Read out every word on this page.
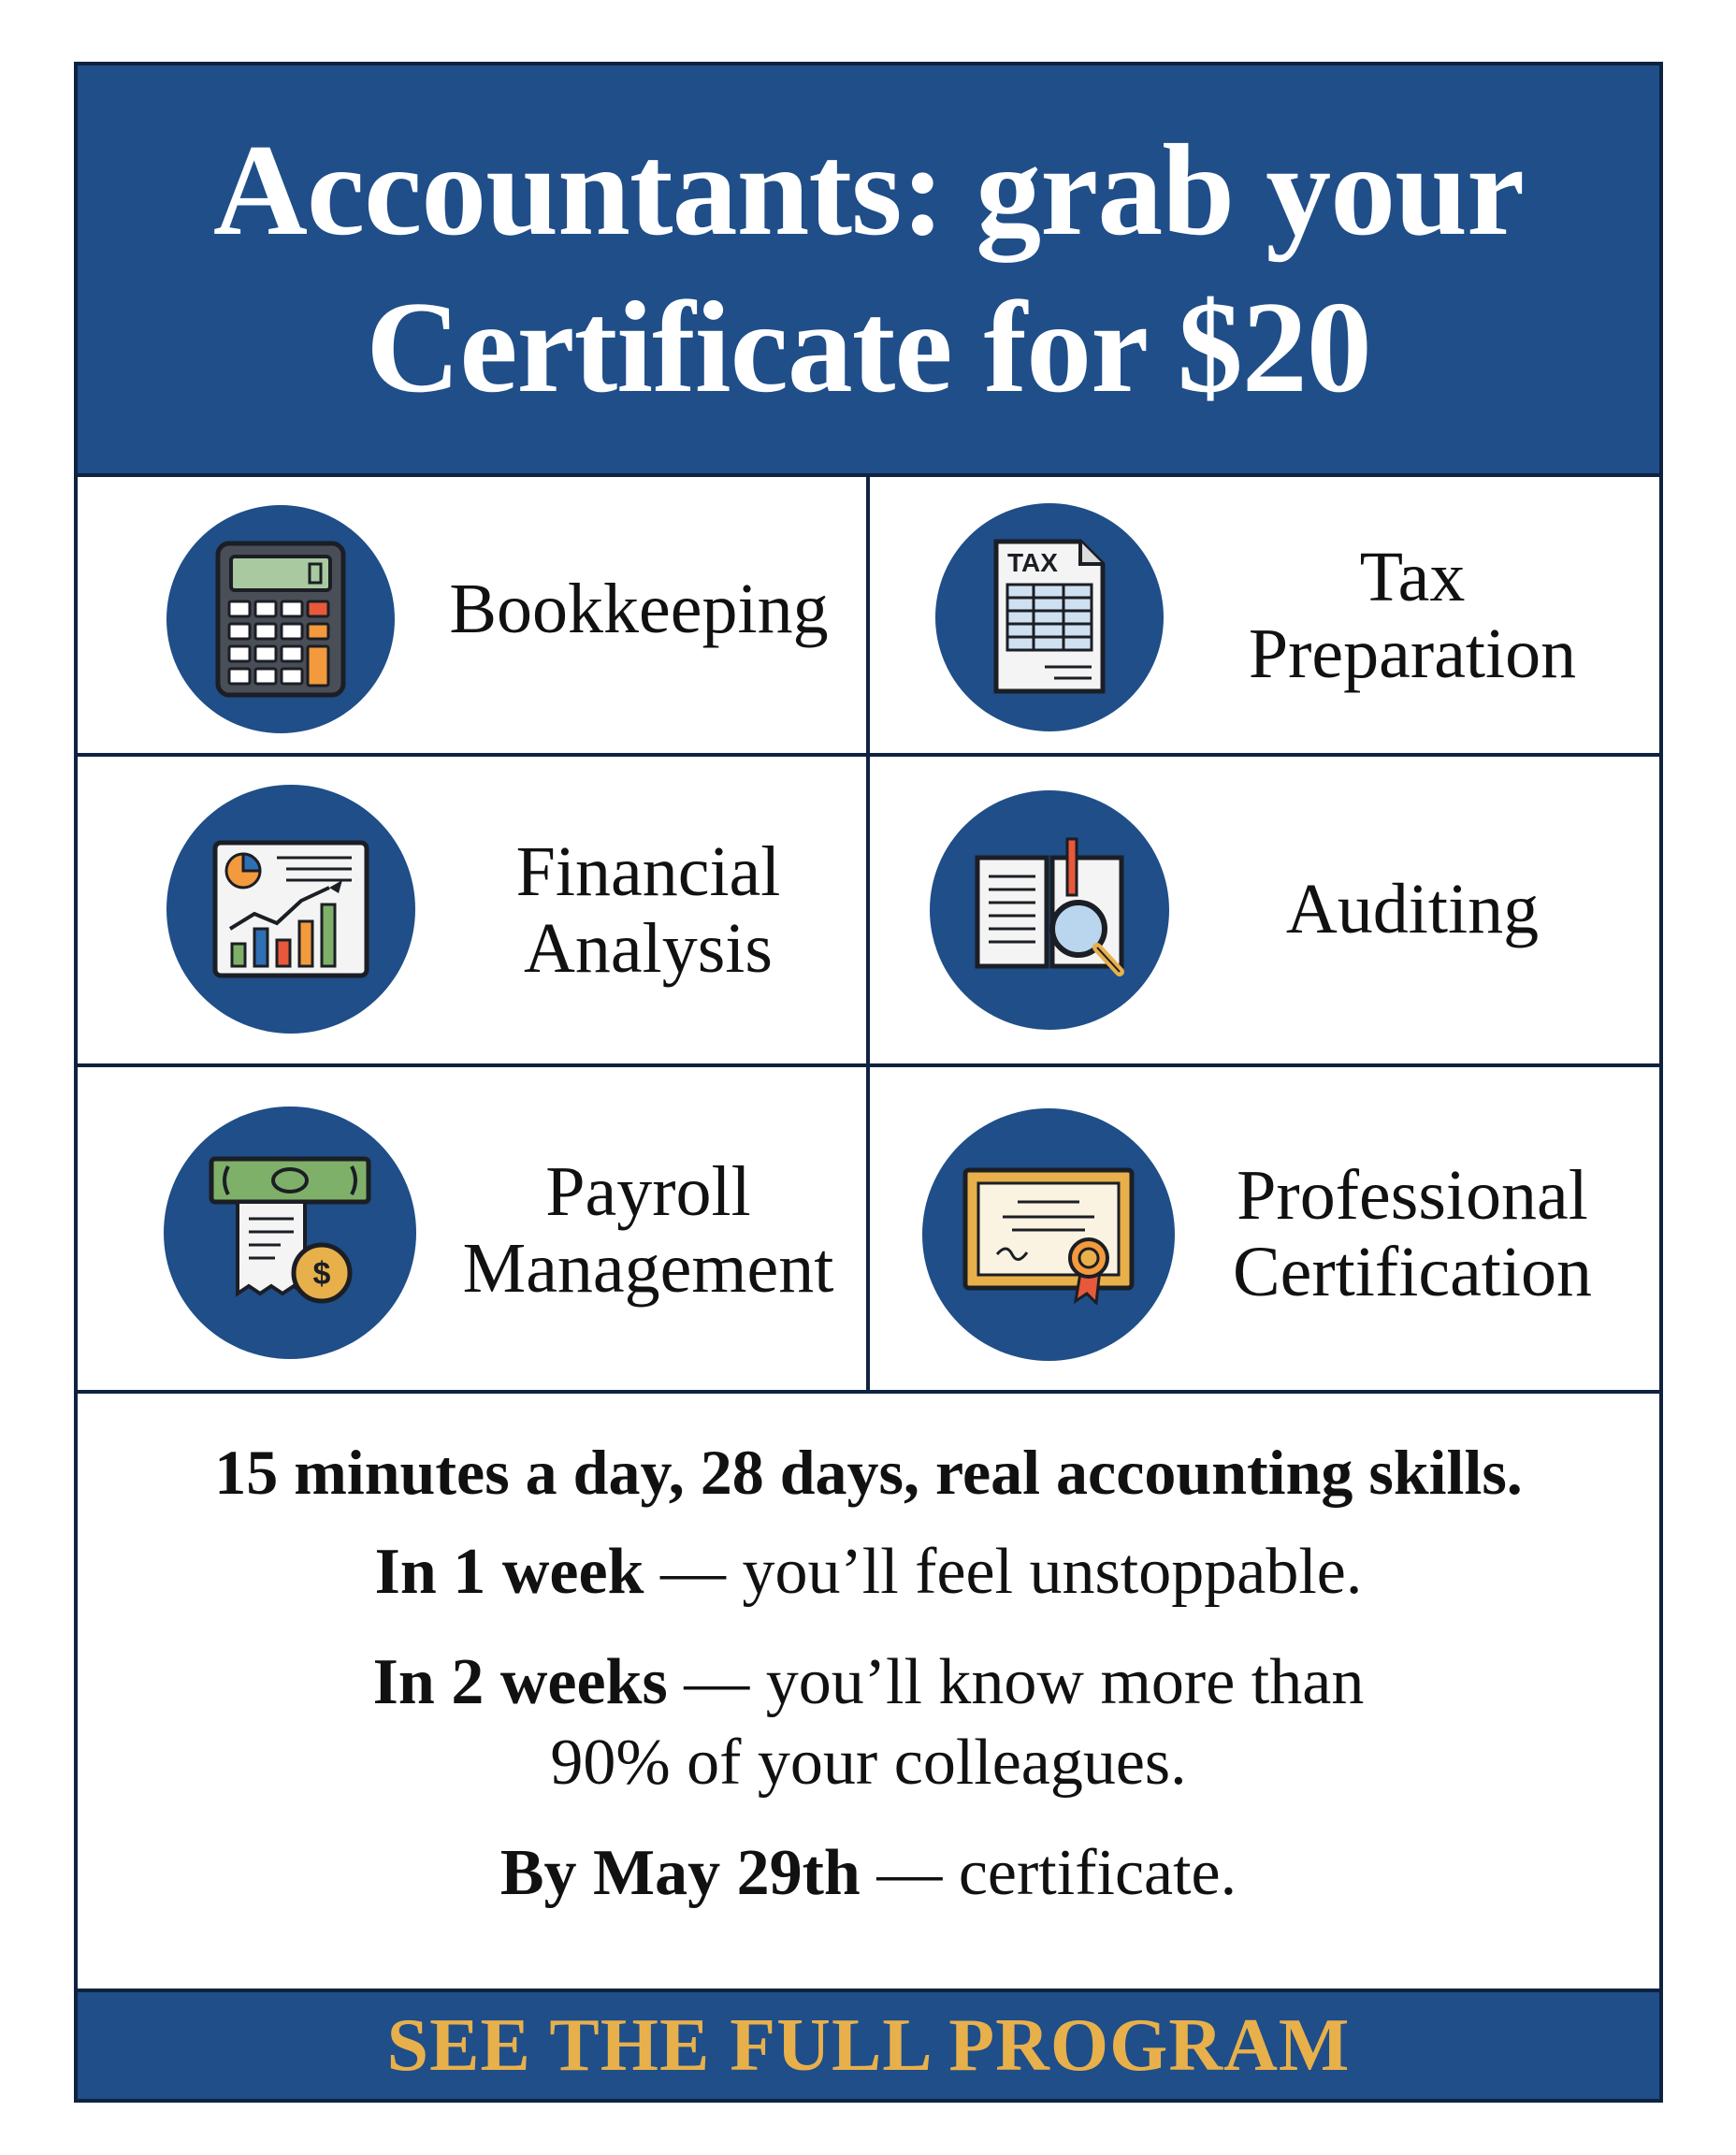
Accountants: grab your
Certificate for $20
Bookkeeping
TAX	Tax
Preparation
Financial
Analysis	Auditing
$
Payroll
Management
Professional
Certification
15 minutes a day, 28 days, real accounting skills.
In 1 week — you’ll feel unstoppable.
In 2 weeks — you’ll know more than
90% of your colleagues.
By May 29th — certificate.
SEE THE FULL PROGRAM
